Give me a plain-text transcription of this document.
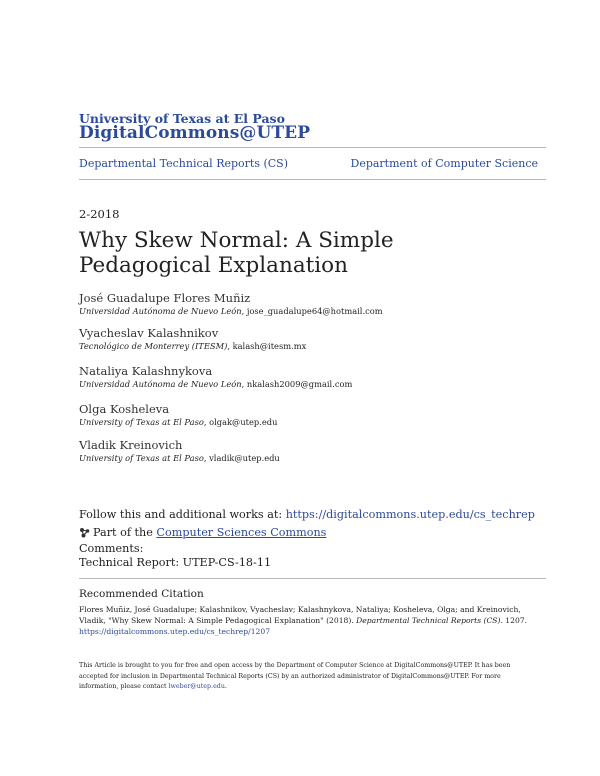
University of Texas at El Paso
DigitalCommons@UTEP
Departmental Technical Reports (CS)	Department of Computer Science
2-2018
Why Skew Normal: A Simple Pedagogical Explanation
José Guadalupe Flores Muñiz
Universidad Autónoma de Nuevo León, jose_guadalupe64@hotmail.com
Vyacheslav Kalashnikov
Tecnológico de Monterrey (ITESM), kalash@itesm.mx
Nataliya Kalashnykova
Universidad Autónoma de Nuevo León, nkalash2009@gmail.com
Olga Kosheleva
University of Texas at El Paso, olgak@utep.edu
Vladik Kreinovich
University of Texas at El Paso, vladik@utep.edu
Follow this and additional works at: https://digitalcommons.utep.edu/cs_techrep
Part of the
Computer Sciences Commons
Comments:
Technical Report: UTEP-CS-18-11
Recommended Citation
Flores Muñiz, José Guadalupe; Kalashnikov, Vyacheslav; Kalashnykova, Nataliya; Kosheleva, Olga; and Kreinovich, Vladik, "Why Skew Normal: A Simple Pedagogical Explanation" (2018). Departmental Technical Reports (CS). 1207.
https://digitalcommons.utep.edu/cs_techrep/1207
This Article is brought to you for free and open access by the Department of Computer Science at DigitalCommons@UTEP. It has been accepted for inclusion in Departmental Technical Reports (CS) by an authorized administrator of DigitalCommons@UTEP. For more information, please contact lweber@utep.edu.
